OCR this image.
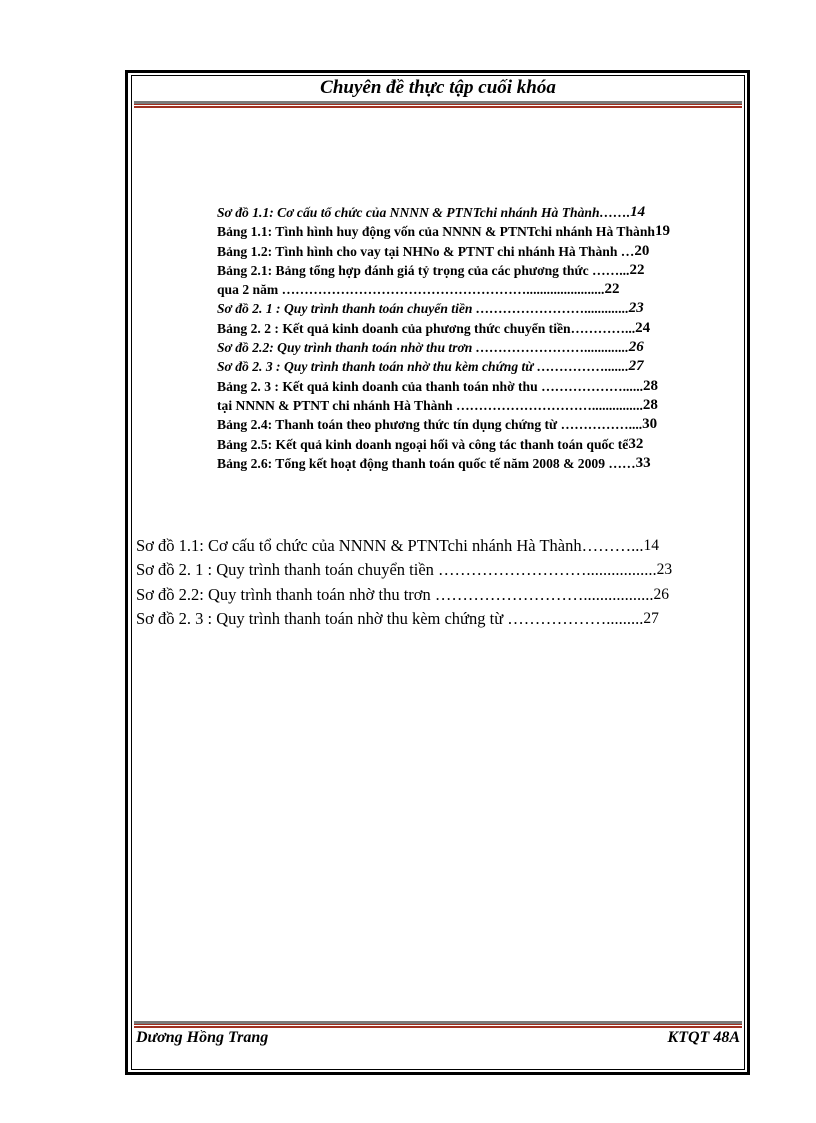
Chuyên đề thực tập cuối khóa
Sơ đồ 1.1: Cơ cấu tổ chức của NNNN & PTNTchi nhánh Hà Thành……. 14
Bảng 1.1: Tình hình huy động vốn của NNNN & PTNTchi nhánh Hà Thành 19
Bảng 1.2: Tình hình cho vay tại NHNo & PTNT chi nhánh Hà Thành … 20
Bảng 2.1: Bảng tổng hợp đánh giá tỷ trọng của các phương thức ……... 22
qua 2 năm ………………………………………………....................... 22
Sơ đồ 2. 1 : Quy trình thanh toán chuyển tiền ……………………............. 23
Bảng 2. 2 : Kết quả kinh doanh của phương thức chuyển tiền…………... 24
Sơ đồ 2.2: Quy trình thanh toán nhờ thu trơn ……………………............. 26
Sơ đồ 2. 3 : Quy trình thanh toán nhờ thu kèm chứng từ ……………....... 27
Bảng 2. 3 : Kết quả kinh doanh của thanh toán nhờ thu ………………...... 28
tại NNNN & PTNT chi nhánh Hà Thành …………………………............... 28
Bảng 2.4: Thanh toán theo phương thức tín dụng chứng từ …………….... 30
Bảng 2.5: Kết quả kinh doanh ngoại hối và công tác thanh toán quốc tế 32
Bảng 2.6: Tổng kết hoạt động thanh toán quốc tế năm 2008 & 2009 …… 33
Sơ đồ 1.1: Cơ cấu tổ chức của NNNN & PTNTchi nhánh Hà Thành………... 14
Sơ đồ 2. 1 : Quy trình thanh toán chuyển tiền ………………………................. 23
Sơ đồ 2.2: Quy trình thanh toán nhờ thu trơn ………………………................. 26
Sơ đồ 2. 3 : Quy trình thanh toán nhờ thu kèm chứng từ ………………......... 27
Dương Hồng Trang	KTQT 48A
